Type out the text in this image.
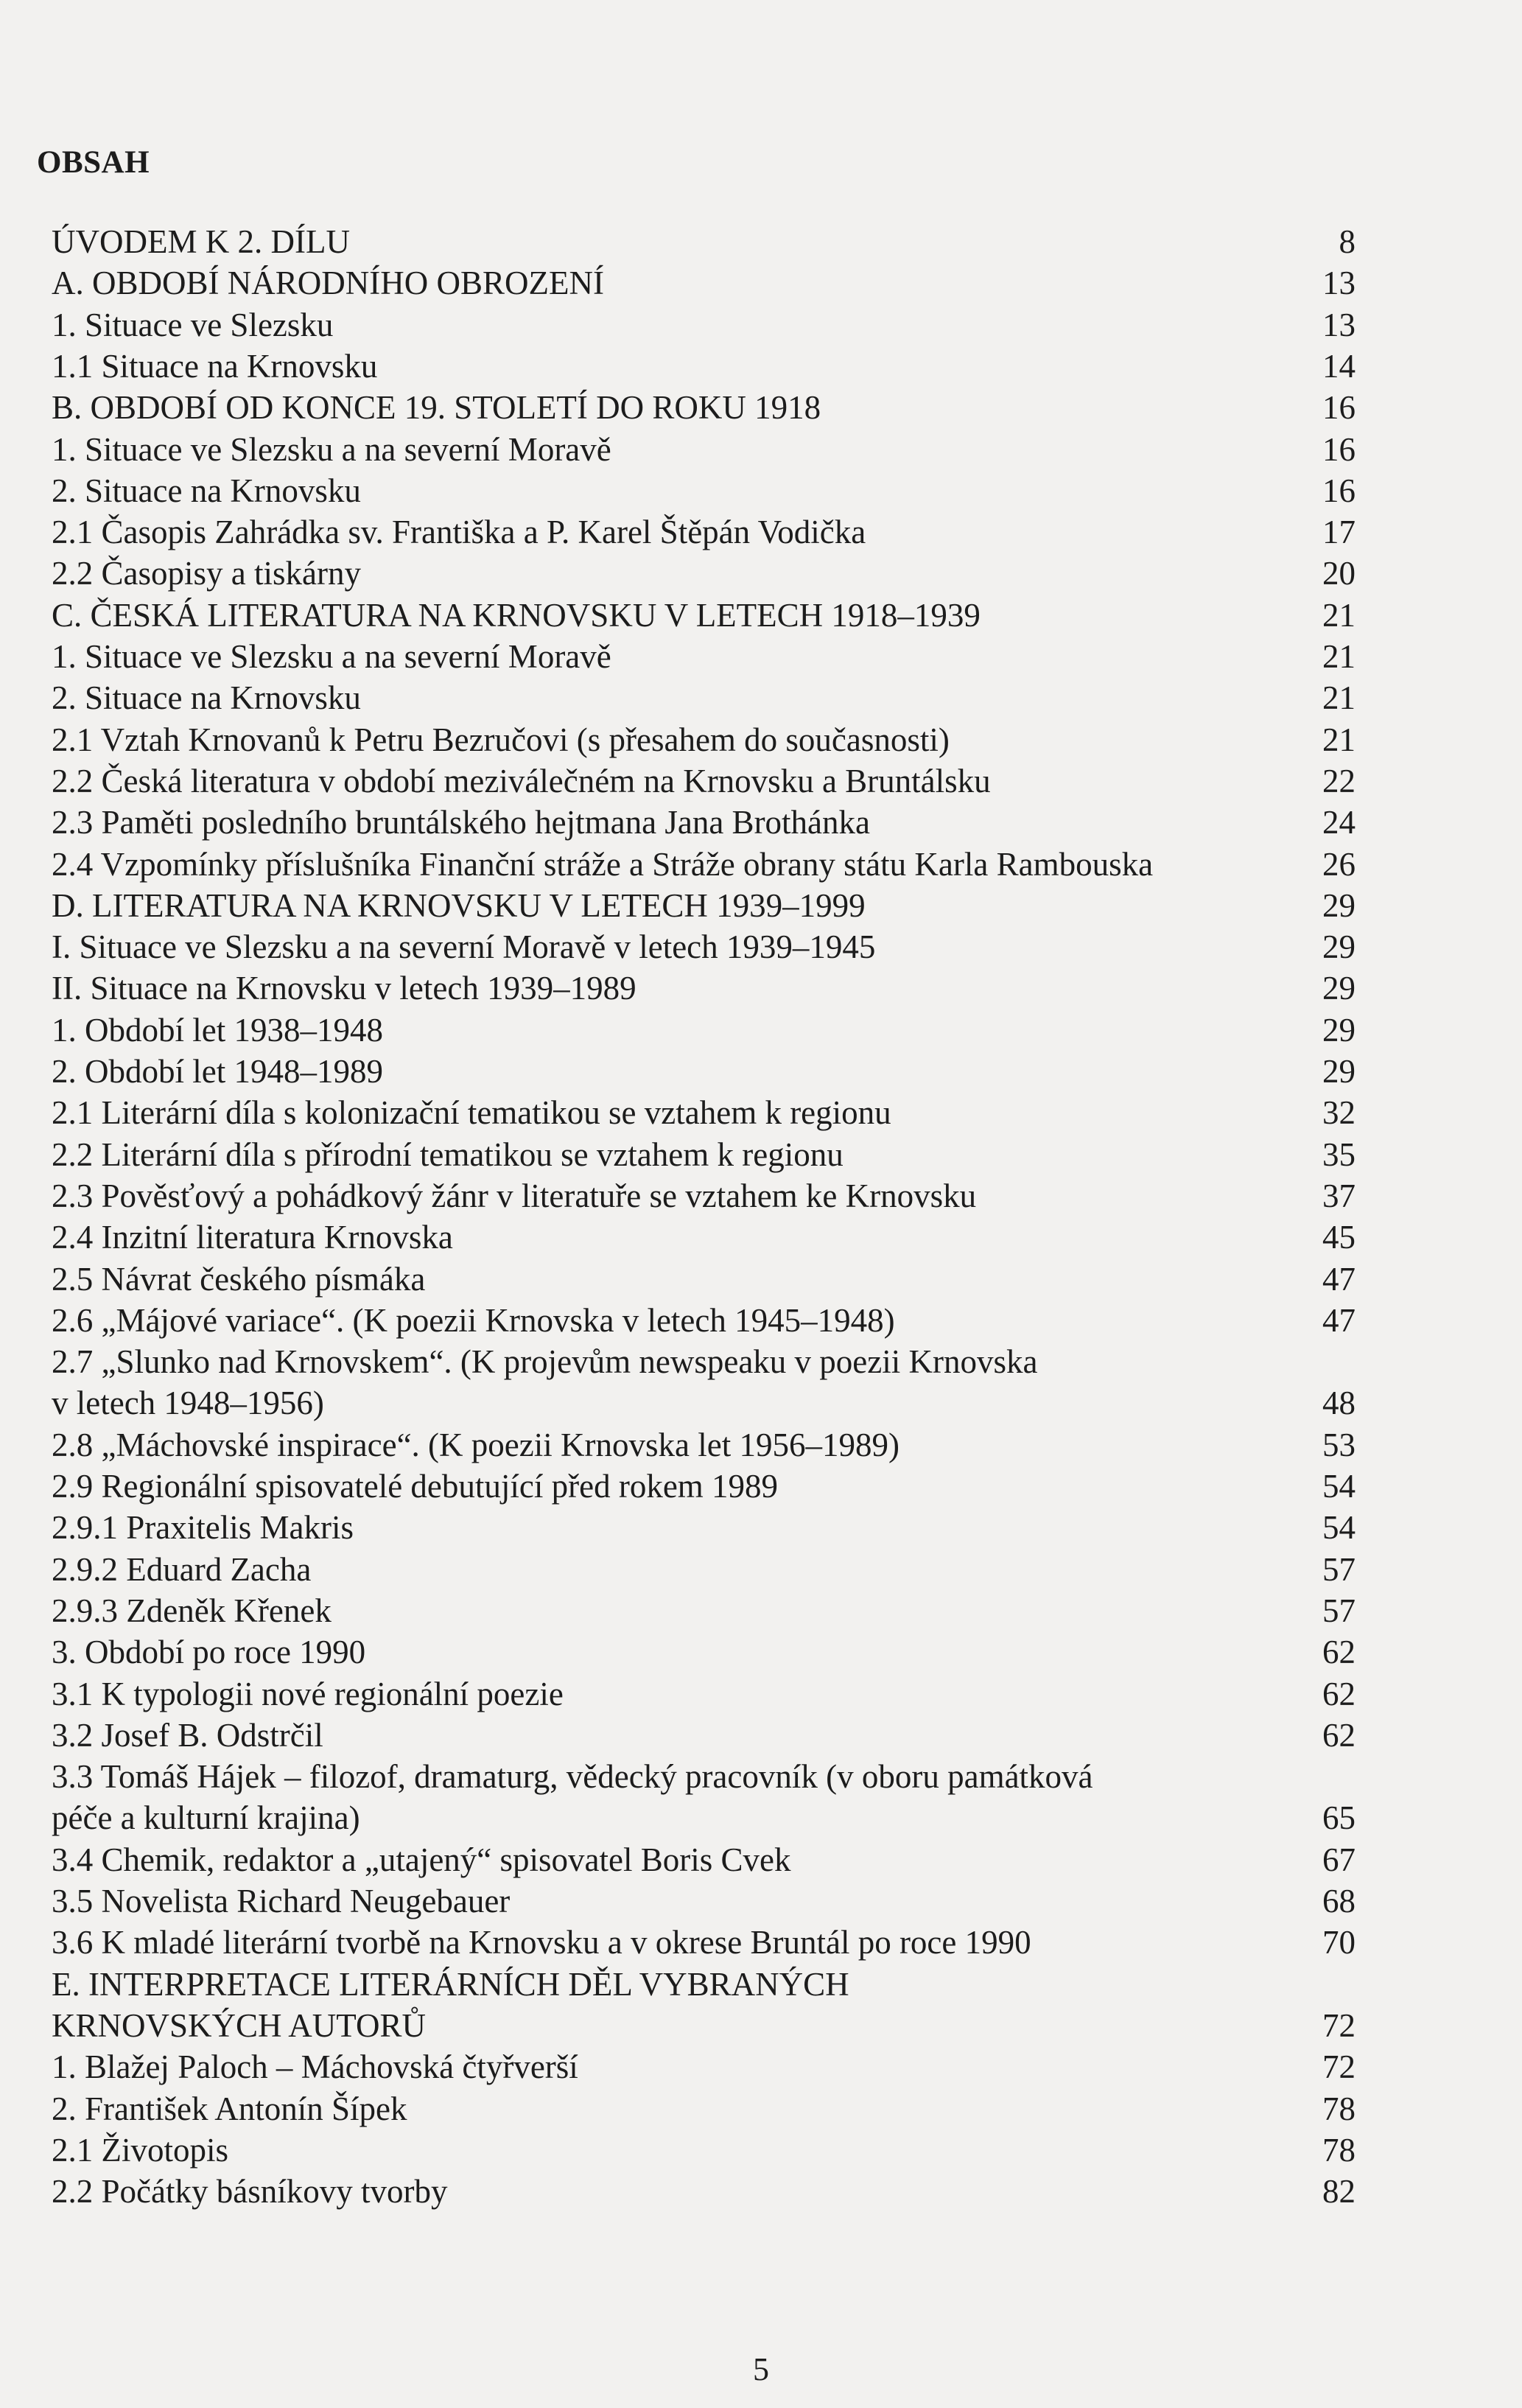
OBSAH
ÚVODEM K 2. DÍLU	8
A. OBDOBÍ NÁRODNÍHO OBROZENÍ	13
1. Situace ve Slezsku	13
1.1 Situace na Krnovsku	14
B. OBDOBÍ OD KONCE 19. STOLETÍ DO ROKU 1918	16
1. Situace ve Slezsku a na severní Moravě	16
2. Situace na Krnovsku	16
2.1 Časopis Zahrádka sv. Františka a P. Karel Štěpán Vodička	17
2.2 Časopisy a tiskárny	20
C. ČESKÁ LITERATURA NA KRNOVSKU V LETECH 1918–1939	21
1. Situace ve Slezsku a na severní Moravě	21
2. Situace na Krnovsku	21
2.1 Vztah Krnovanů k Petru Bezručovi (s přesahem do současnosti)	21
2.2 Česká literatura v období meziválečném na Krnovsku a Bruntálsku	22
2.3 Paměti posledního bruntálského hejtmana Jana Brothánka	24
2.4 Vzpomínky příslušníka Finanční stráže a Stráže obrany státu Karla Rambouska	26
D. LITERATURA NA KRNOVSKU V LETECH 1939–1999	29
I. Situace ve Slezsku a na severní Moravě v letech 1939–1945	29
II. Situace na Krnovsku v letech 1939–1989	29
1. Období let 1938–1948	29
2. Období let 1948–1989	29
2.1 Literární díla s kolonizační tematikou se vztahem k regionu	32
2.2 Literární díla s přírodní tematikou se vztahem k regionu	35
2.3 Pověsťový a pohádkový žánr v literatuře se vztahem ke Krnovsku	37
2.4 Inzitní literatura Krnovska	45
2.5 Návrat českého písmáka	47
2.6 „Májové variace“. (K poezii Krnovska v letech 1945–1948)	47
2.7 „Slunko nad Krnovskem“. (K projevům newspeaku v poezii Krnovska
v letech 1948–1956)	48
2.8 „Máchovské inspirace“. (K poezii Krnovska let 1956–1989)	53
2.9 Regionální spisovatelé debutující před rokem 1989	54
2.9.1 Praxitelis Makris	54
2.9.2 Eduard Zacha	57
2.9.3 Zdeněk Křenek	57
3. Období po roce 1990	62
3.1 K typologii nové regionální poezie	62
3.2 Josef B. Odstrčil	62
3.3 Tomáš Hájek – filozof, dramaturg, vědecký pracovník (v oboru památková
péče a kulturní krajina)	65
3.4 Chemik, redaktor a „utajený“ spisovatel Boris Cvek	67
3.5 Novelista Richard Neugebauer	68
3.6 K mladé literární tvorbě na Krnovsku a v okrese Bruntál po roce 1990	70
E. INTERPRETACE LITERÁRNÍCH DĚL VYBRANÝCH
KRNOVSKÝCH AUTORŮ	72
1. Blažej Paloch – Máchovská čtyřverší	72
2. František Antonín Šípek	78
2.1 Životopis	78
2.2 Počátky básníkovy tvorby	82
5
